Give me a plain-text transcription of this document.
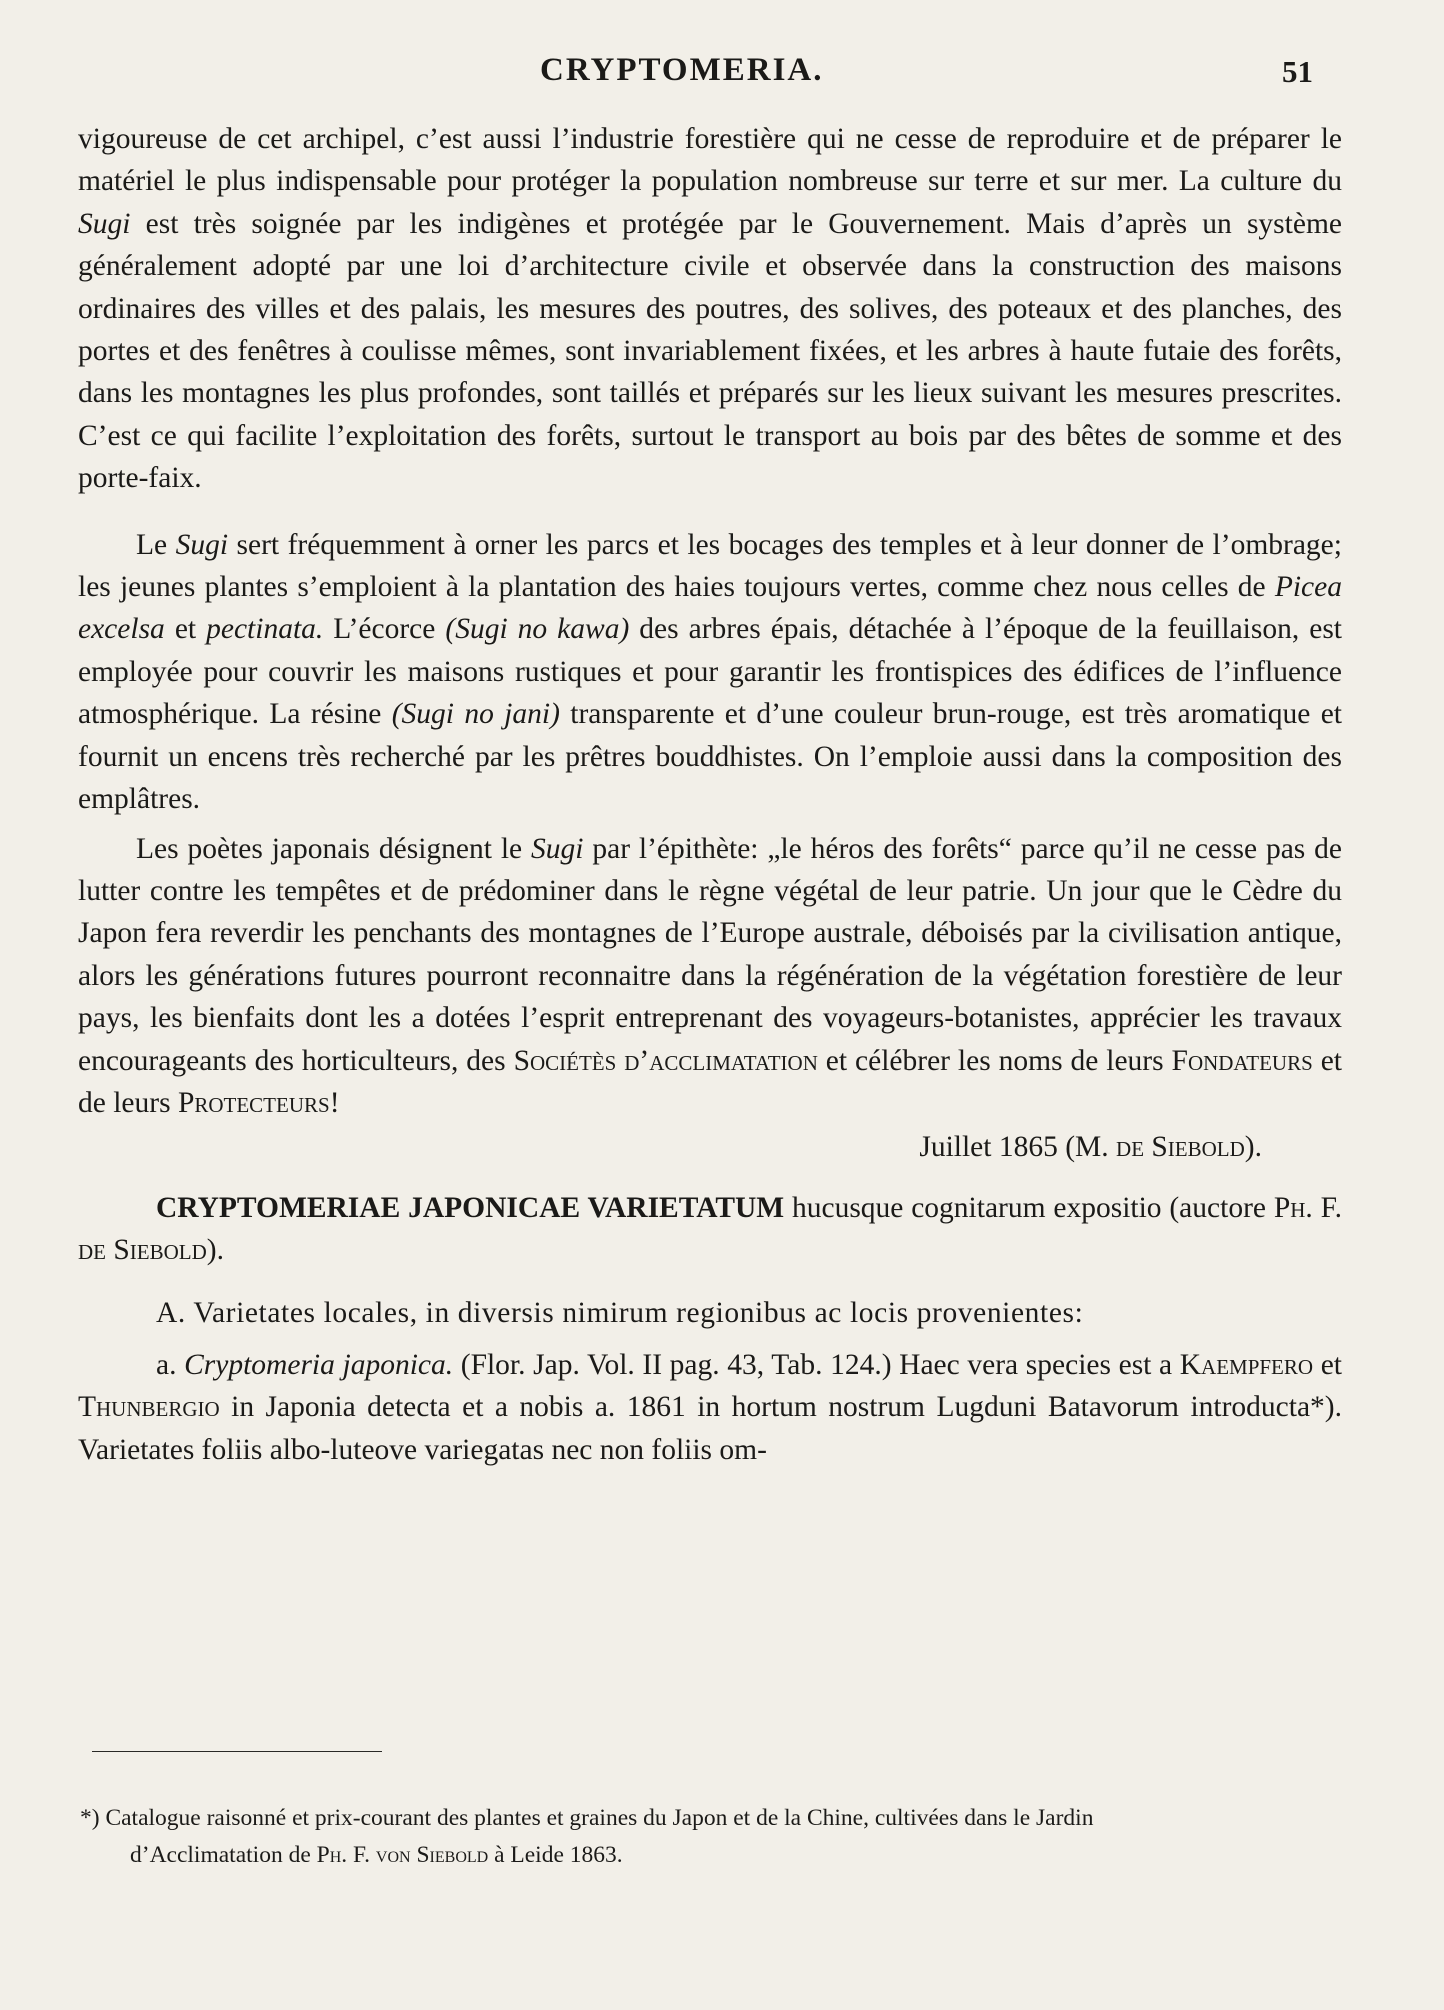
CRYPTOMERIA.	51

vigoureuse de cet archipel, c’est aussi l’industrie forestière qui ne cesse de reproduire et de préparer le matériel le plus indispensable pour protéger la population nombreuse sur terre et sur mer. La culture du Sugi est très soignée par les indigènes et protégée par le Gouvernement. Mais d’après un système généralement adopté par une loi d’architecture civile et observée dans la construction des maisons ordinaires des villes et des palais, les mesures des poutres, des solives, des poteaux et des planches, des portes et des fenêtres à coulisse mêmes, sont invariablement fixées, et les arbres à haute futaie des forêts, dans les montagnes les plus profondes, sont taillés et préparés sur les lieux suivant les mesures prescrites. C’est ce qui facilite l’exploitation des forêts, surtout le transport au bois par des bêtes de somme et des porte-faix.

Le Sugi sert fréquemment à orner les parcs et les bocages des temples et à leur donner de l’ombrage; les jeunes plantes s’emploient à la plantation des haies toujours vertes, comme chez nous celles de Picea excelsa et pectinata. L’écorce (Sugi no kawa) des arbres épais, détachée à l’époque de la feuillaison, est employée pour couvrir les maisons rustiques et pour garantir les frontispices des édifices de l’influence atmosphérique. La résine (Sugi no jani) transparente et d’une couleur brun-rouge, est très aromatique et fournit un encens très recherché par les prêtres bouddhistes. On l’emploie aussi dans la composition des emplâtres.

Les poètes japonais désignent le Sugi par l’épithète: „le héros des forêts“ parce qu’il ne cesse pas de lutter contre les tempêtes et de prédominer dans le règne végétal de leur patrie. Un jour que le Cèdre du Japon fera reverdir les penchants des montagnes de l’Europe australe, déboisés par la civilisation antique, alors les générations futures pourront reconnaitre dans la régénération de la végétation forestière de leur pays, les bienfaits dont les a dotées l’esprit entreprenant des voyageurs-botanistes, apprécier les travaux encourageants des horticulteurs, des Sociétès d’acclimatation et célébrer les noms de leurs Fondateurs et de leurs Protecteurs!

Juillet 1865 (M. de Siebold).

CRYPTOMERIAE JAPONICAE VARIETATUM hucusque cognitarum expositio (auctore Ph. F. de Siebold).

A. Varietates locales, in diversis nimirum regionibus ac locis provenientes:

a. Cryptomeria japonica. (Flor. Jap. Vol. II pag. 43, Tab. 124.) Haec vera species est a Kaempfero et Thunbergio in Japonia detecta et a nobis a. 1861 in hortum nostrum Lugduni Batavorum introducta*). Varietates foliis albo-luteove variegatas nec non foliis om-

*) Catalogue raisonné et prix-courant des plantes et graines du Japon et de la Chine, cultivées dans le Jardin
d’Acclimatation de Ph. F. von Siebold à Leide 1863.
